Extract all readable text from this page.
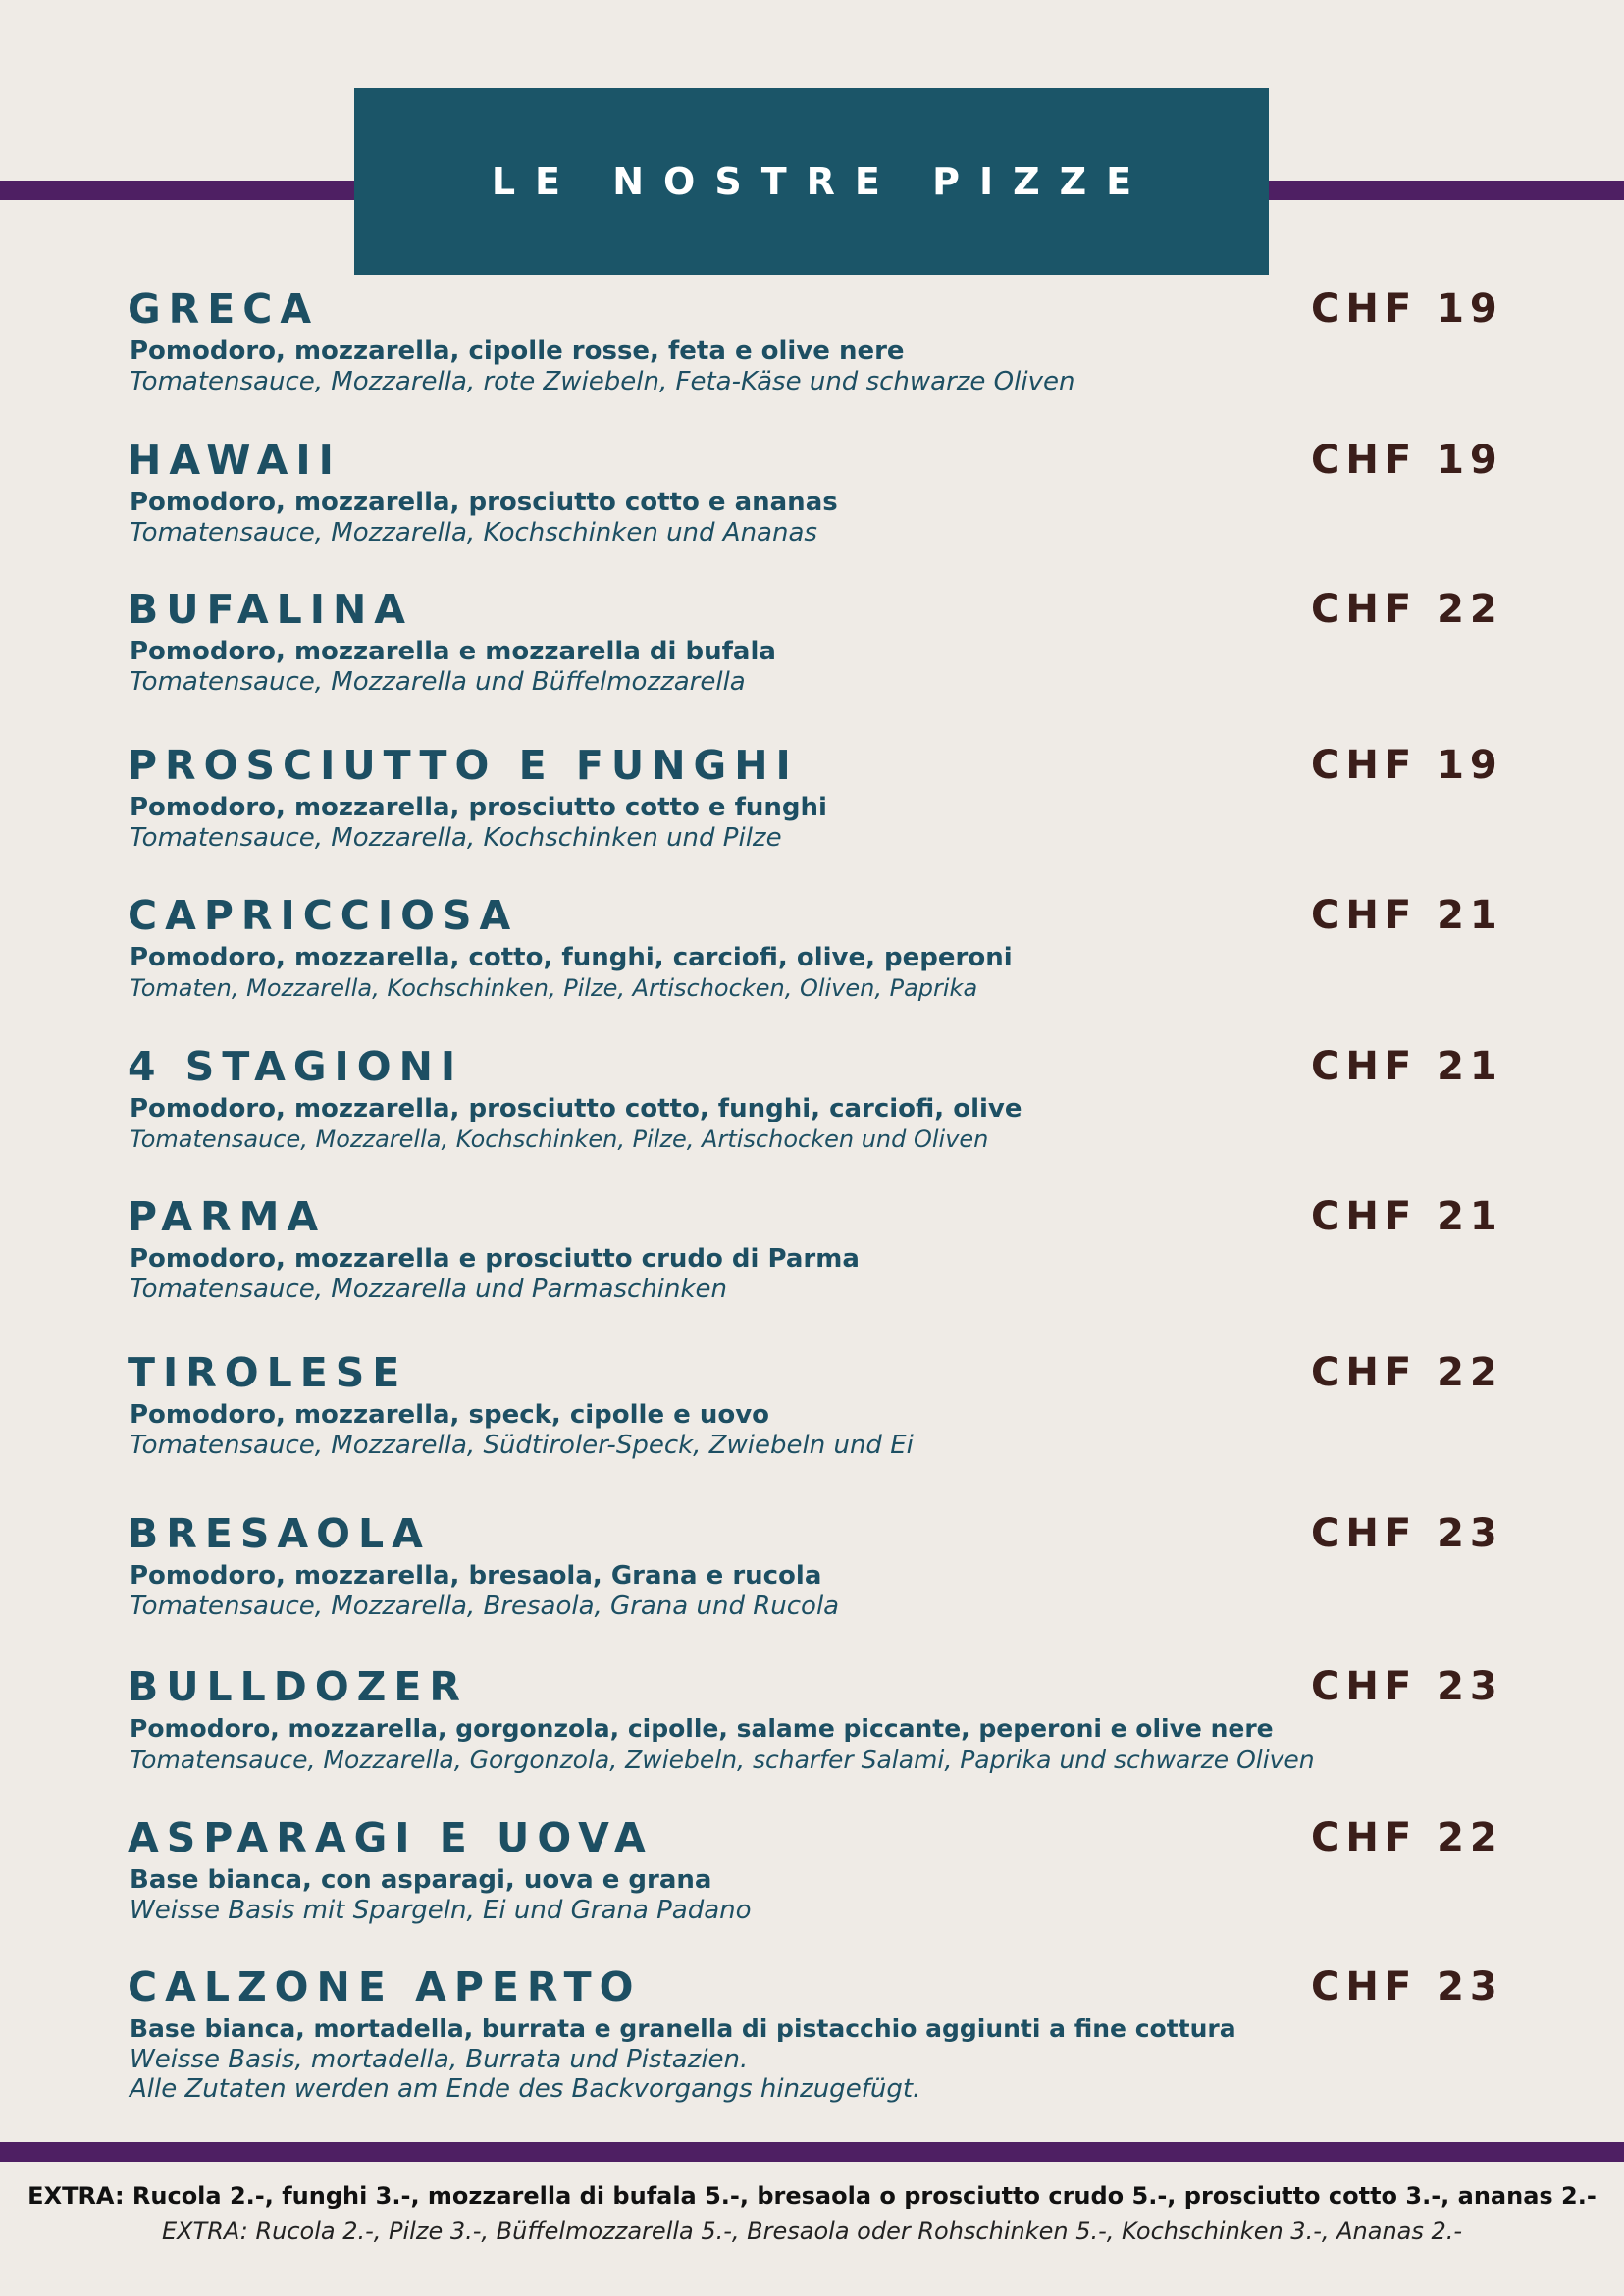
LE NOSTRE PIZZE
GRECA	CHF 19
Pomodoro, mozzarella, cipolle rosse, feta e olive nere
Tomatensauce, Mozzarella, rote Zwiebeln, Feta-Käse und schwarze Oliven
HAWAII	CHF 19
Pomodoro, mozzarella, prosciutto cotto e ananas
Tomatensauce, Mozzarella, Kochschinken und Ananas
BUFALINA	CHF 22
Pomodoro, mozzarella e mozzarella di bufala
Tomatensauce, Mozzarella und Büffelmozzarella
PROSCIUTTO E FUNGHI	CHF 19
Pomodoro, mozzarella, prosciutto cotto e funghi
Tomatensauce, Mozzarella, Kochschinken und Pilze
CAPRICCIOSA	CHF 21
Pomodoro, mozzarella, cotto, funghi, carciofi, olive, peperoni
Tomaten, Mozzarella, Kochschinken, Pilze, Artischocken, Oliven, Paprika
4 STAGIONI	CHF 21
Pomodoro, mozzarella, prosciutto cotto, funghi, carciofi, olive
Tomatensauce, Mozzarella, Kochschinken, Pilze, Artischocken und Oliven
PARMA	CHF 21
Pomodoro, mozzarella e prosciutto crudo di Parma
Tomatensauce, Mozzarella und Parmaschinken
TIROLESE	CHF 22
Pomodoro, mozzarella, speck, cipolle e uovo
Tomatensauce, Mozzarella, Südtiroler-Speck, Zwiebeln und Ei
BRESAOLA	CHF 23
Pomodoro, mozzarella, bresaola, Grana e rucola
Tomatensauce, Mozzarella, Bresaola, Grana und Rucola
BULLDOZER	CHF 23
Pomodoro, mozzarella, gorgonzola, cipolle, salame piccante, peperoni e olive nere
Tomatensauce, Mozzarella, Gorgonzola, Zwiebeln, scharfer Salami, Paprika und schwarze Oliven
ASPARAGI E UOVA	CHF 22
Base bianca, con asparagi, uova e grana
Weisse Basis mit Spargeln, Ei und Grana Padano
CALZONE APERTO	CHF 23
Base bianca, mortadella, burrata e granella di pistacchio aggiunti a fine cottura
Weisse Basis, mortadella, Burrata und Pistazien.
Alle Zutaten werden am Ende des Backvorgangs hinzugefügt.
EXTRA: Rucola 2.-, funghi 3.-, mozzarella di bufala 5.-, bresaola o prosciutto crudo 5.-, prosciutto cotto 3.-, ananas 2.-
EXTRA: Rucola 2.-, Pilze 3.-, Büffelmozzarella 5.-, Bresaola oder Rohschinken 5.-, Kochschinken 3.-, Ananas 2.-
